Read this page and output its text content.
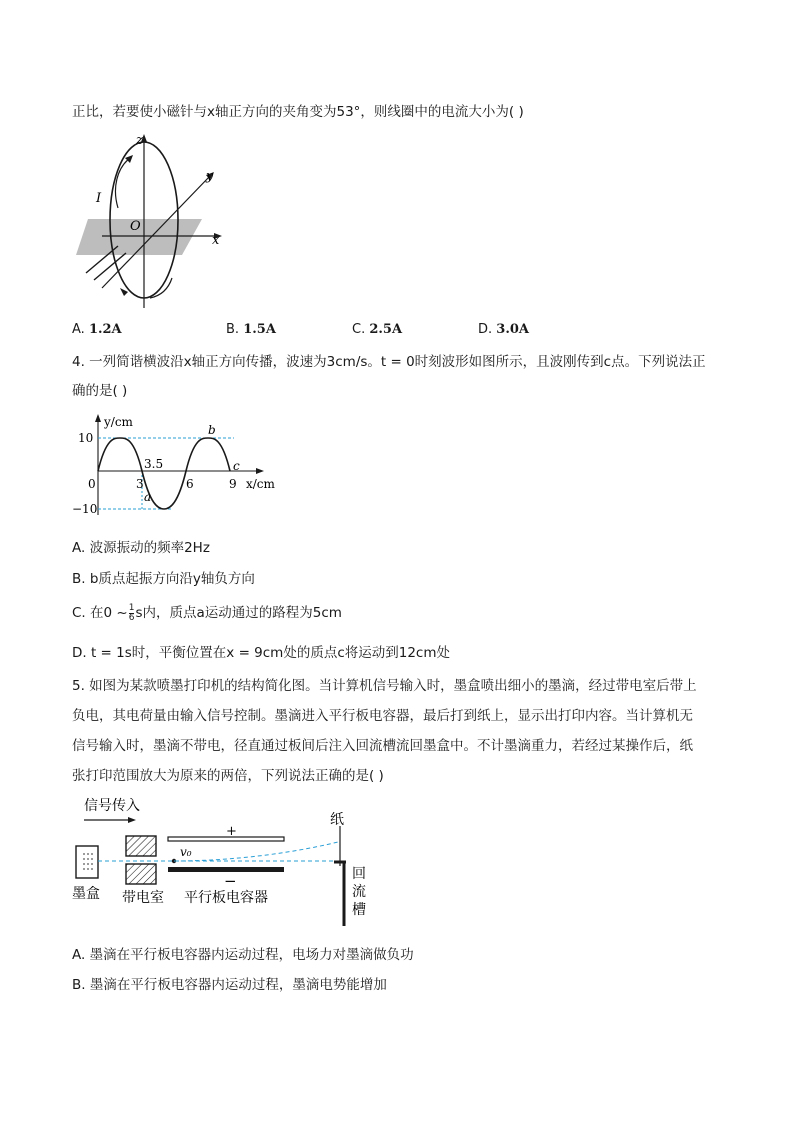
正比，若要使小磁针与x轴正方向的夹角变为53°，则线圈中的电流大小为( )
z
y
x
O
I
A. 1.2A	B. 1.5A	C. 2.5A	D. 3.0A
4. 一列简谐横波沿x轴正方向传播，波速为3cm/s。t = 0时刻波形如图所示，且波刚传到c点。下列说法正
确的是( )
y/cm
x/cm
10
−10
0	3
3.5
6	9
a
b
c
A. 波源振动的频率2Hz
B. b质点起振方向沿y轴负方向
C. 在0 ~ $\frac{1}{6}$ s内，质点a运动通过的路程为5cm
D. t = 1s时，平衡位置在x = 9cm处的质点c将运动到12cm处
5. 如图为某款喷墨打印机的结构简化图。当计算机信号输入时，墨盒喷出细小的墨滴，经过带电室后带上
负电，其电荷量由输入信号控制。墨滴进入平行板电容器，最后打到纸上，显示出打印内容。当计算机无
信号输入时，墨滴不带电，径直通过板间后注入回流槽流回墨盒中。不计墨滴重力，若经过某操作后，纸
张打印范围放大为原来的两倍，下列说法正确的是( )
信号传入
+
−
v₀
纸
墨盒 带电室 平行板电容器
回
流
槽
A. 墨滴在平行板电容器内运动过程，电场力对墨滴做负功
B. 墨滴在平行板电容器内运动过程，墨滴电势能增加
